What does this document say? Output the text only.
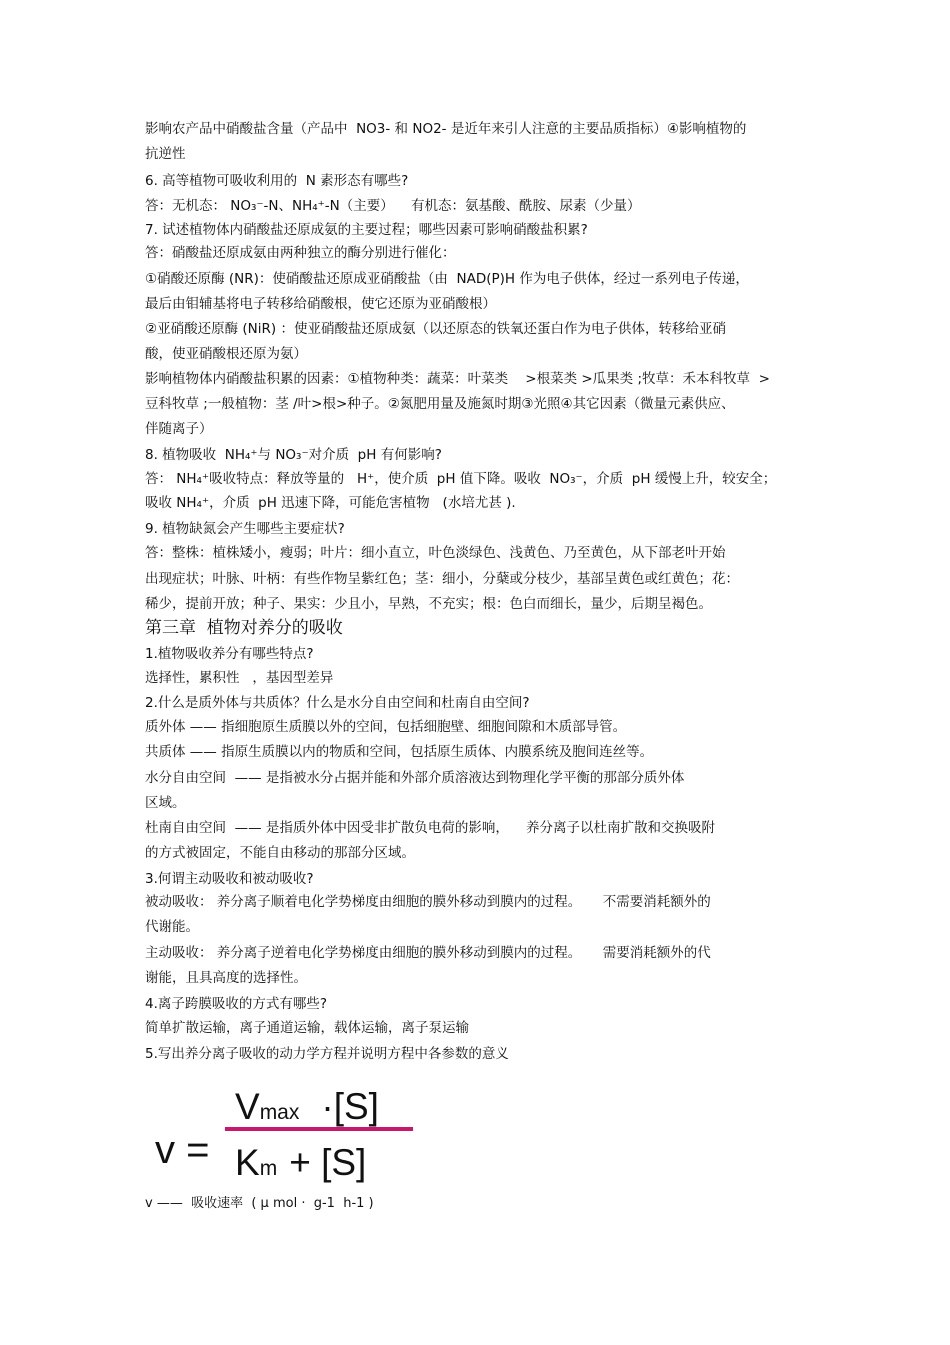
影响农产品中硝酸盐含量（产品中  NO3- 和 NO2- 是近年来引人注意的主要品质指标）④影响植物的
抗逆性
6. 高等植物可吸收利用的  N 素形态有哪些?
答：无机态： NO₃⁻-N、NH₄⁺-N（主要）    有机态：氨基酸、酰胺、尿素（少量）
7. 试述植物体内硝酸盐还原成氨的主要过程；哪些因素可影响硝酸盐积累?
答：硝酸盐还原成氨由两种独立的酶分别进行催化：
①硝酸还原酶 (NR)：使硝酸盐还原成亚硝酸盐（由  NAD(P)H 作为电子供体，经过一系列电子传递，
最后由钼辅基将电子转移给硝酸根，使它还原为亚硝酸根）
②亚硝酸还原酶 (NiR) ：使亚硝酸盐还原成氨（以还原态的铁氧还蛋白作为电子供体，转移给亚硝
酸，使亚硝酸根还原为氨）
影响植物体内硝酸盐积累的因素：①植物种类：蔬菜：叶菜类    >根菜类 >瓜果类 ;牧草：禾本科牧草  >
豆科牧草 ;一般植物：茎 /叶>根>种子。②氮肥用量及施氮时期③光照④其它因素（微量元素供应、
伴随离子）
8. 植物吸收  NH₄⁺与 NO₃⁻对介质  pH 有何影响?
答： NH₄⁺吸收特点：释放等量的   H⁺，使介质  pH 值下降。吸收  NO₃⁻，介质  pH 缓慢上升，较安全；
吸收 NH₄⁺，介质  pH 迅速下降，可能危害植物   (水培尤甚 ).
9. 植物缺氮会产生哪些主要症状?
答：整株：植株矮小，瘦弱；叶片：细小直立，叶色淡绿色、浅黄色、乃至黄色，从下部老叶开始
出现症状；叶脉、叶柄：有些作物呈紫红色；茎：细小，分蘖或分枝少，基部呈黄色或红黄色；花：
稀少，提前开放；种子、果实：少且小，早熟，不充实；根：色白而细长，量少，后期呈褐色。
第三章  植物对养分的吸收
1.植物吸收养分有哪些特点?
选择性，累积性   ，基因型差异
2.什么是质外体与共质体？什么是水分自由空间和杜南自由空间?
质外体 —— 指细胞原生质膜以外的空间，包括细胞壁、细胞间隙和木质部导管。
共质体 —— 指原生质膜以内的物质和空间，包括原生质体、内膜系统及胞间连丝等。
水分自由空间  —— 是指被水分占据并能和外部介质溶液达到物理化学平衡的那部分质外体
区域。
杜南自由空间  —— 是指质外体中因受非扩散负电荷的影响，    养分离子以杜南扩散和交换吸附
的方式被固定，不能自由移动的那部分区域。
3.何谓主动吸收和被动吸收?
被动吸收： 养分离子顺着电化学势梯度由细胞的膜外移动到膜内的过程。     不需要消耗额外的
代谢能。
主动吸收： 养分离子逆着电化学势梯度由细胞的膜外移动到膜内的过程。     需要消耗额外的代
谢能，且具高度的选择性。
4.离子跨膜吸收的方式有哪些?
简单扩散运输，离子通道运输，载体运输，离子泵运输
5.写出养分离子吸收的动力学方程并说明方程中各参数的意义
v ——  吸收速率  ( μ mol ·  g-1  h-1 )
v =
Vmax ·[S]
Km + [S]
